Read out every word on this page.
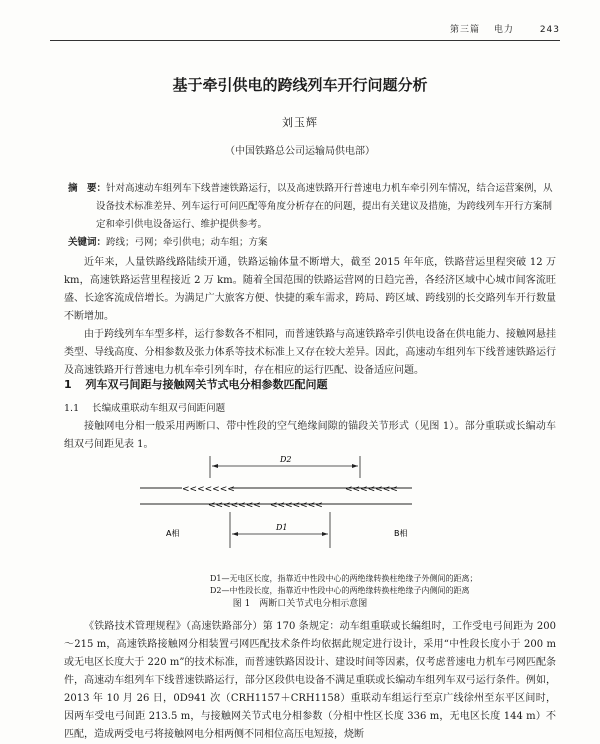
第三篇 电力	243
基于牵引供电的跨线列车开行问题分析
刘玉辉
（中国铁路总公司运输局供电部）

摘　要：针对高速动车组列车下线普速铁路运行，以及高速铁路开行普速电力机车牵引列车情况，结合运营案例，从设备技术标准差异、列车运行可问匹配等角度分析存在的问题，提出有关建议及措施，为跨线列车开行方案制定和牵引供电设备运行、维护提供参考。

关键词：跨线；弓网；牵引供电；动车组；方案

近年来，人量铁路线路陆续开通，铁路运输体量不断增大，截至 2015 年年底，铁路营运里程突破 12 万 km，高速铁路运营里程接近 2 万 km。随着全国范围的铁路运营网的日趋完善，各经济区域中心城市间客流旺盛、长途客流成倍增长。为满足广大旅客方便、快捷的乘车需求，跨局、跨区域、跨线别的长交路列车开行数量不断增加。

由于跨线列车车型多样，运行参数各不相同，而普速铁路与高速铁路牵引供电设备在供电能力、接触网悬挂类型、导线高度、分相参数及张力体系等技术标准上又存在较大差异。因此，高速动车组列车下线普速铁路运行及高速铁路开行普速电力机车牵引列车时，存在相应的运行匹配、设备适应问题。

1 列车双弓间距与接触网关节式电分相参数匹配问题
1.1 长编成重联动车组双弓间距问题

接触网电分相一般采用两断口、带中性段的空气绝缘间隙的锚段关节形式（见图 1）。部分重联或长编动车组双弓间距见表 1。

D2
<<<<<<<	<<<<<<<
<<<<<<< <<<<<<<
D1
A相	B相
D1—无电区长度，指靠近中性段中心的两绝缘转换柱绝缘子外侧间的距离；
D2—中性段长度，指靠近中性段中心的两绝缘转换柱绝缘子内侧间的距离
图 1　两断口关节式电分相示意图

《铁路技术管理规程》（高速铁路部分）第 170 条规定：动车组重联或长编组时，工作受电弓间距为 200～215 m，高速铁路接触网分相装置弓网匹配技术条件均依据此规定进行设计，采用“中性段长度小于 200 m 或无电区长度大于 220 m”的技术标准，而普速铁路因设计、建设时间等因素，仅考虑普速电力机车弓网匹配条件，高速动车组列车下线普速铁路运行，部分区段供电设备不满足重联或长编动车组列车双弓运行条件。例如，2013 年 10 月 26 日，0D941 次（CRH1157＋CRH1158）重联动车组运行至京广线徐州至东平区间时，因两车受电弓间距 213.5 m，与接触网关节式电分相参数（分相中性区长度 336 m，无电区长度 144 m）不匹配，造成两受电弓将接触网电分相两侧不同相位高压电短接，烧断
